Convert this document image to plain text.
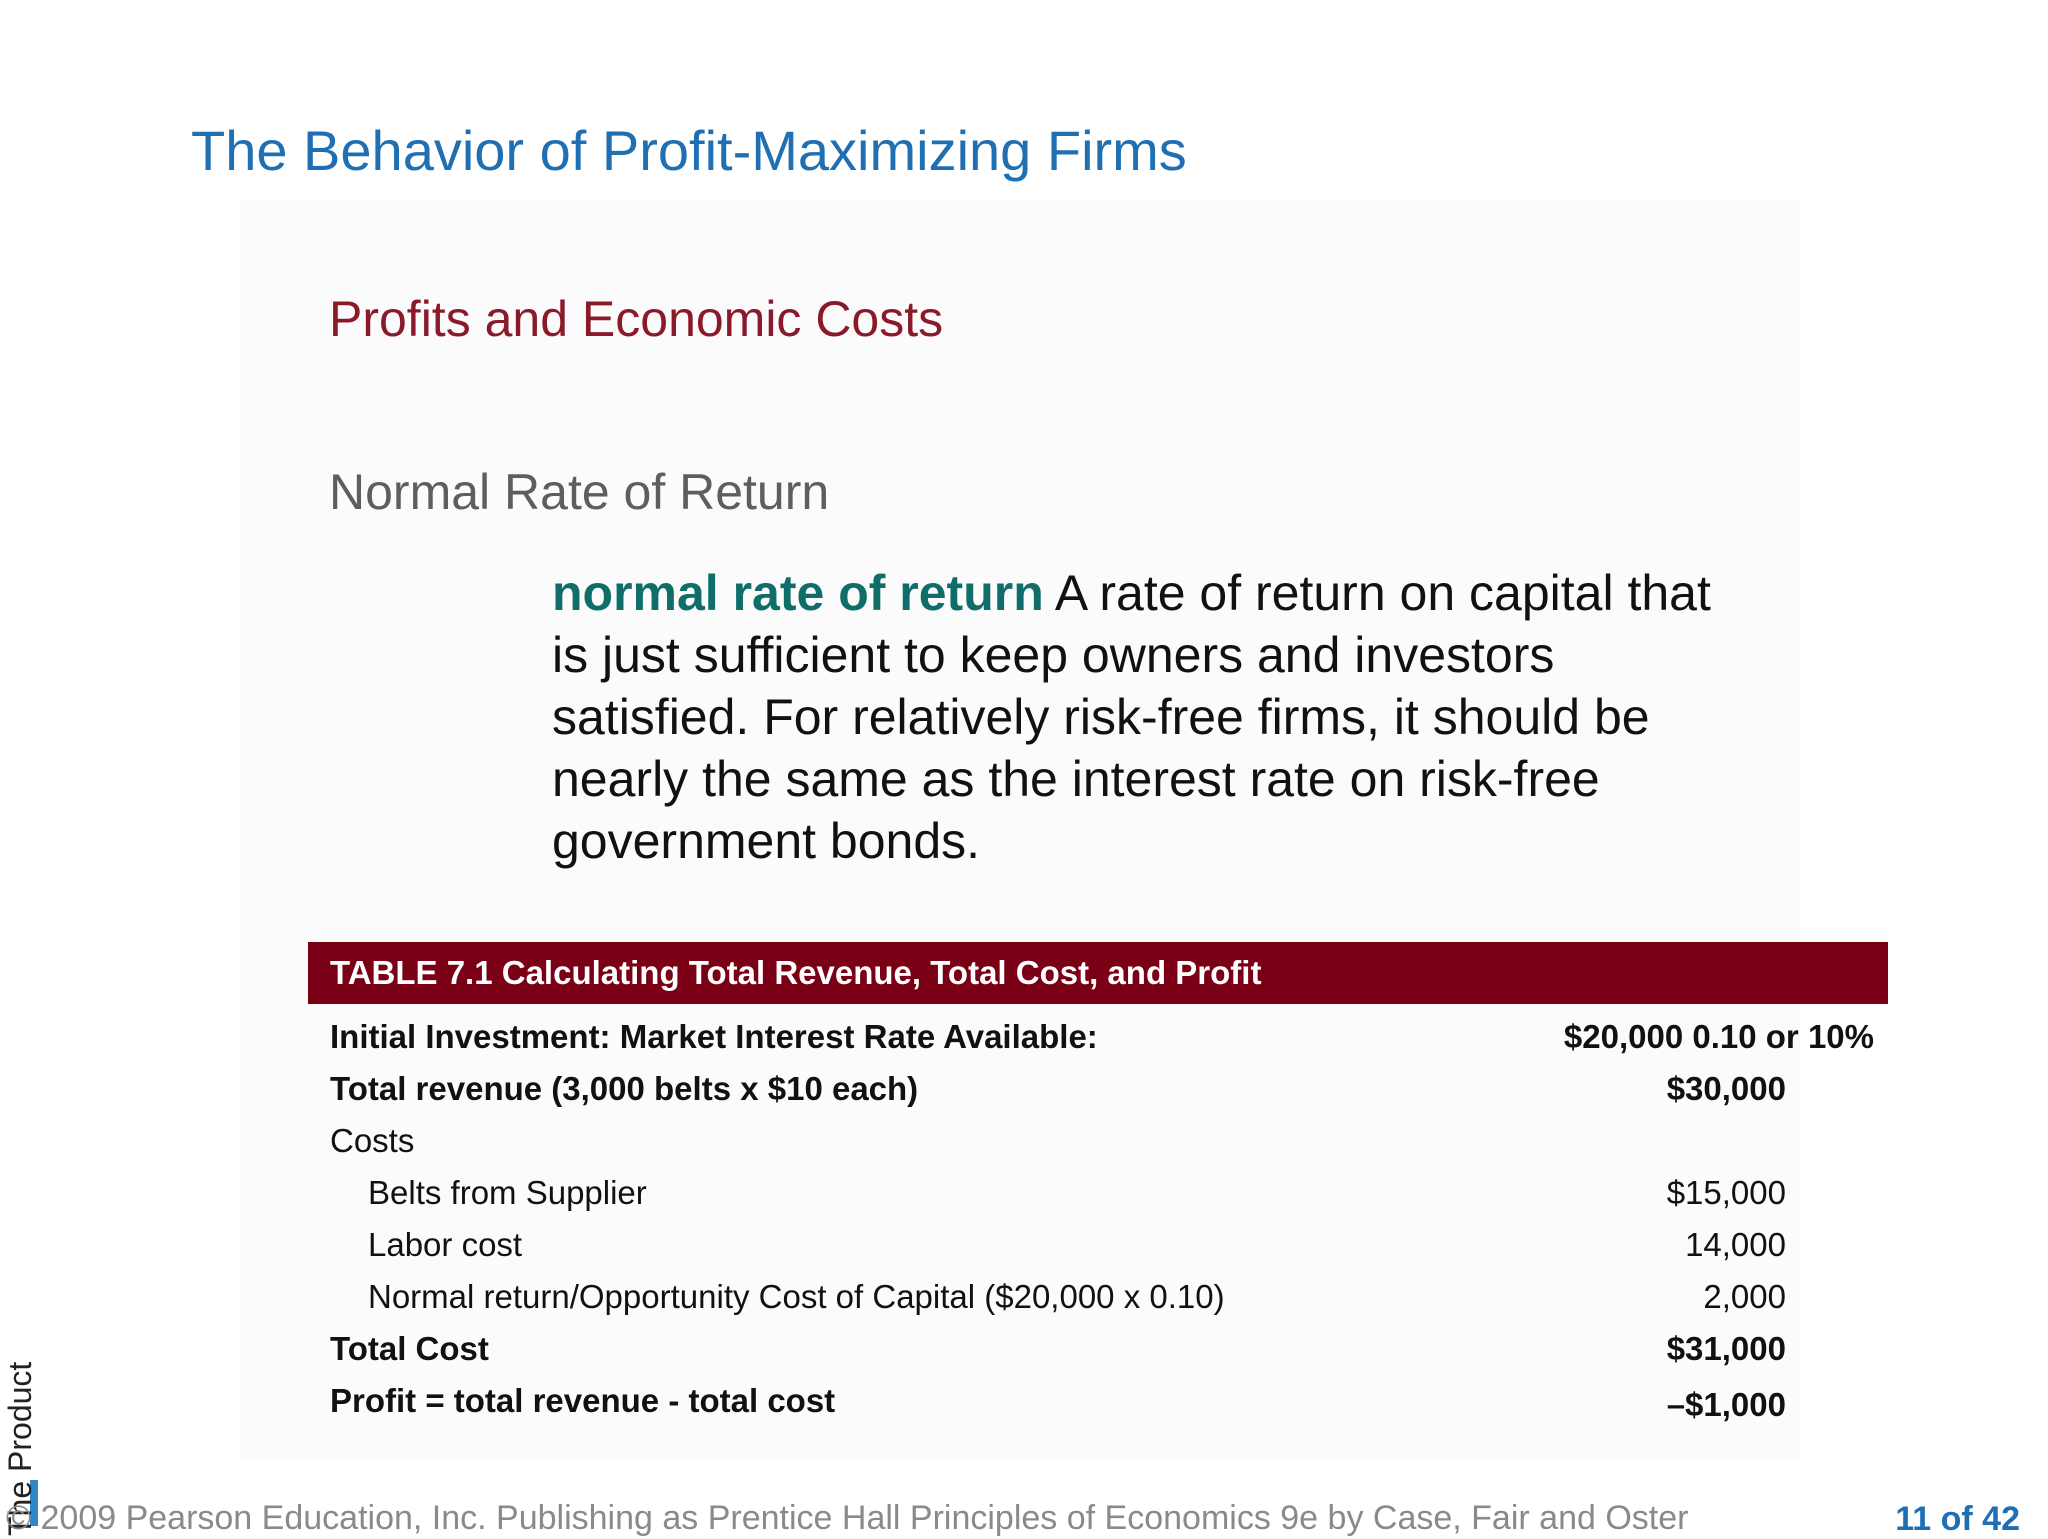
The Behavior of Profit-Maximizing Firms
Profits and Economic Costs
Normal Rate of Return
normal rate of return A rate of return on capital that is just sufficient to keep owners and investors satisfied. For relatively risk-free firms, it should be nearly the same as the interest rate on risk-free government bonds.
TABLE 7.1 Calculating Total Revenue, Total Cost, and Profit
Initial Investment: Market Interest Rate Available:	$20,000 0.10 or 10%
Total revenue (3,000 belts x $10 each)	$30,000
Costs
Belts from Supplier	$15,000
Labor cost	14,000
Normal return/Opportunity Cost of Capital ($20,000 x 0.10)	2,000
Total Cost	$31,000
Profit = total revenue - total cost	–$1,000
The Product
© 2009 Pearson Education, Inc. Publishing as Prentice Hall Principles of Economics 9e by Case, Fair and Oster	11 of 42
